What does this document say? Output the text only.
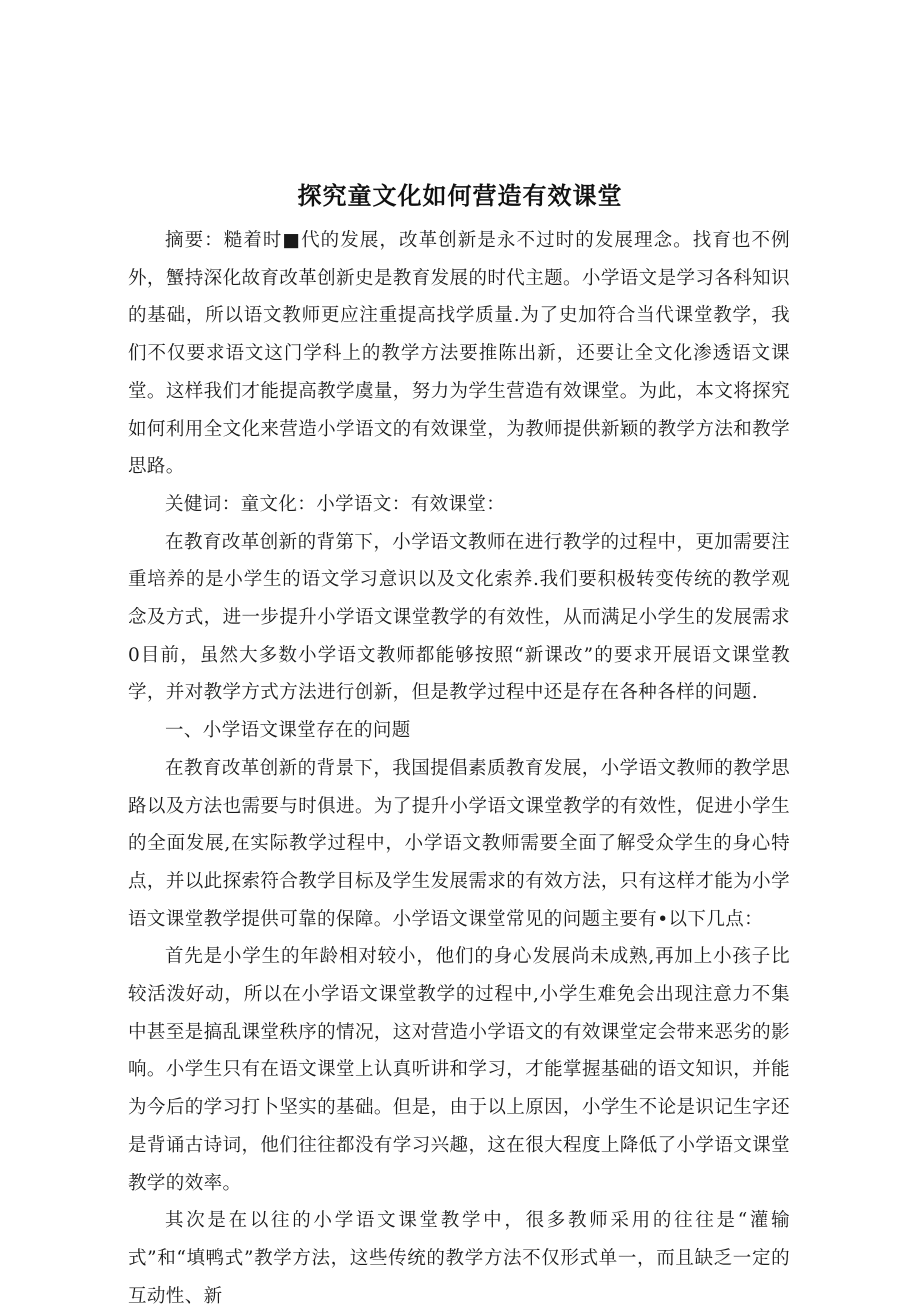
探究童文化如何营造有效课堂

摘要：糙着时■代的发展，改革创新是永不过时的发展理念。找育也不例外，蟹持深化故育改革创新史是教育发展的时代主题。小学语文是学习各科知识的基础，所以语文教师更应注重提高找学质量.为了史加符合当代课堂教学，我们不仅要求语文这门学科上的教学方法要推陈出新，还要让全文化渗透语文课堂。这样我们才能提高教学虞量，努力为学生营造有效课堂。为此，本文将探究如何利用全文化来营造小学语文的有效课堂，为教师提供新颖的教学方法和教学思路。

关健词：童文化：小学语文：有效课堂：

在教育改革创新的背第下，小学语文教师在进行教学的过程中，更加需要注重培养的是小学生的语文学习意识以及文化索养.我们要积极转变传统的教学观念及方式，进一步提升小学语文课堂教学的有效性，从而满足小学生的发展需求0目前，虽然大多数小学语文教师都能够按照“新课改”的要求开展语文课堂教学，并对教学方式方法进行创新，但是教学过程中还是存在各种各样的问题.

一、小学语文课堂存在的问题

在教育改革创新的背景下，我国提倡素质教育发展，小学语文教师的教学思路以及方法也需要与时俱进。为了提升小学语文课堂教学的有效性，促进小学生的全面发展,在实际教学过程中，小学语文教师需要全面了解受众学生的身心特点，并以此探索符合教学目标及学生发展需求的有效方法，只有这样才能为小学语文课堂教学提供可靠的保障。小学语文课堂常见的问题主要有•以下几点：

首先是小学生的年龄相对较小，他们的身心发展尚未成熟,再加上小孩子比较活泼好动，所以在小学语文课堂教学的过程中,小学生难免会出现注意力不集中甚至是搞乱课堂秩序的情况，这对营造小学语文的有效课堂定会带来恶劣的影响。小学生只有在语文课堂上认真听讲和学习，才能掌握基础的语文知识，并能为今后的学习打卜坚实的基础。但是，由于以上原因，小学生不论是识记生字还是背诵古诗词，他们往往都没有学习兴趣，这在很大程度上降低了小学语文课堂教学的效率。

其次是在以往的小学语文课堂教学中，很多教师采用的往往是“灌输式”和“填鸭式”教学方法，这些传统的教学方法不仅形式单一，而且缺乏一定的互动性、新
